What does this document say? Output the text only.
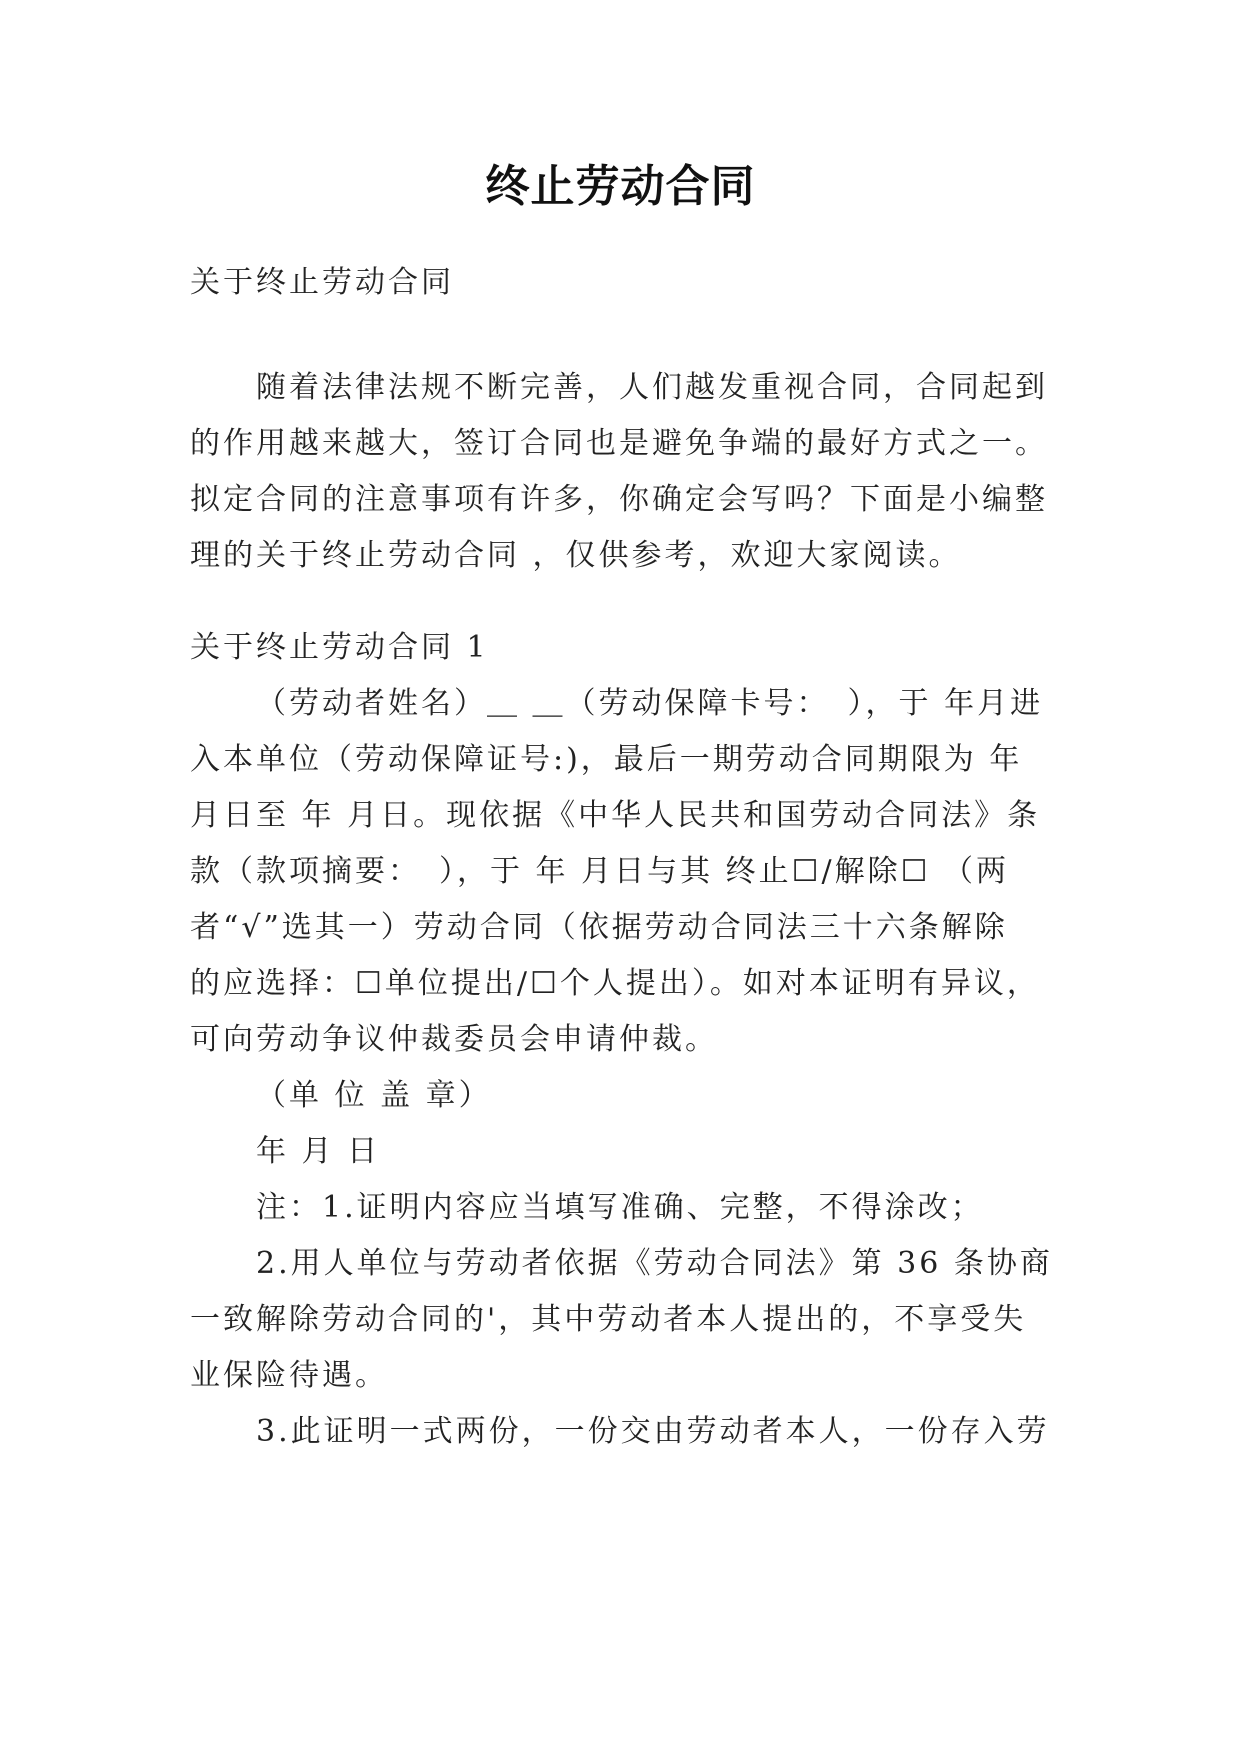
终止劳动合同
关于终止劳动合同
随着法律法规不断完善，人们越发重视合同，合同起到
的作用越来越大，签订合同也是避免争端的最好方式之一。
拟定合同的注意事项有许多，你确定会写吗？下面是小编整
理的关于终止劳动合同 ，仅供参考，欢迎大家阅读。
关于终止劳动合同 1
（劳动者姓名）＿ ＿（劳动保障卡号：　），于 年月进
入本单位（劳动保障证号:)，最后一期劳动合同期限为 年
月日至 年 月日。现依据《中华人民共和国劳动合同法》条
款（款项摘要：　），于 年 月日与其 终止☐/解除☐ （两
者“√”选其一）劳动合同（依据劳动合同法三十六条解除
的应选择：☐单位提出/☐个人提出）。如对本证明有异议，
可向劳动争议仲裁委员会申请仲裁。
（单 位 盖 章）
年 月 日
注：1.证明内容应当填写准确、完整，不得涂改；
2.用人单位与劳动者依据《劳动合同法》第 36 条协商
一致解除劳动合同的'，其中劳动者本人提出的，不享受失
业保险待遇。
3.此证明一式两份，一份交由劳动者本人，一份存入劳
